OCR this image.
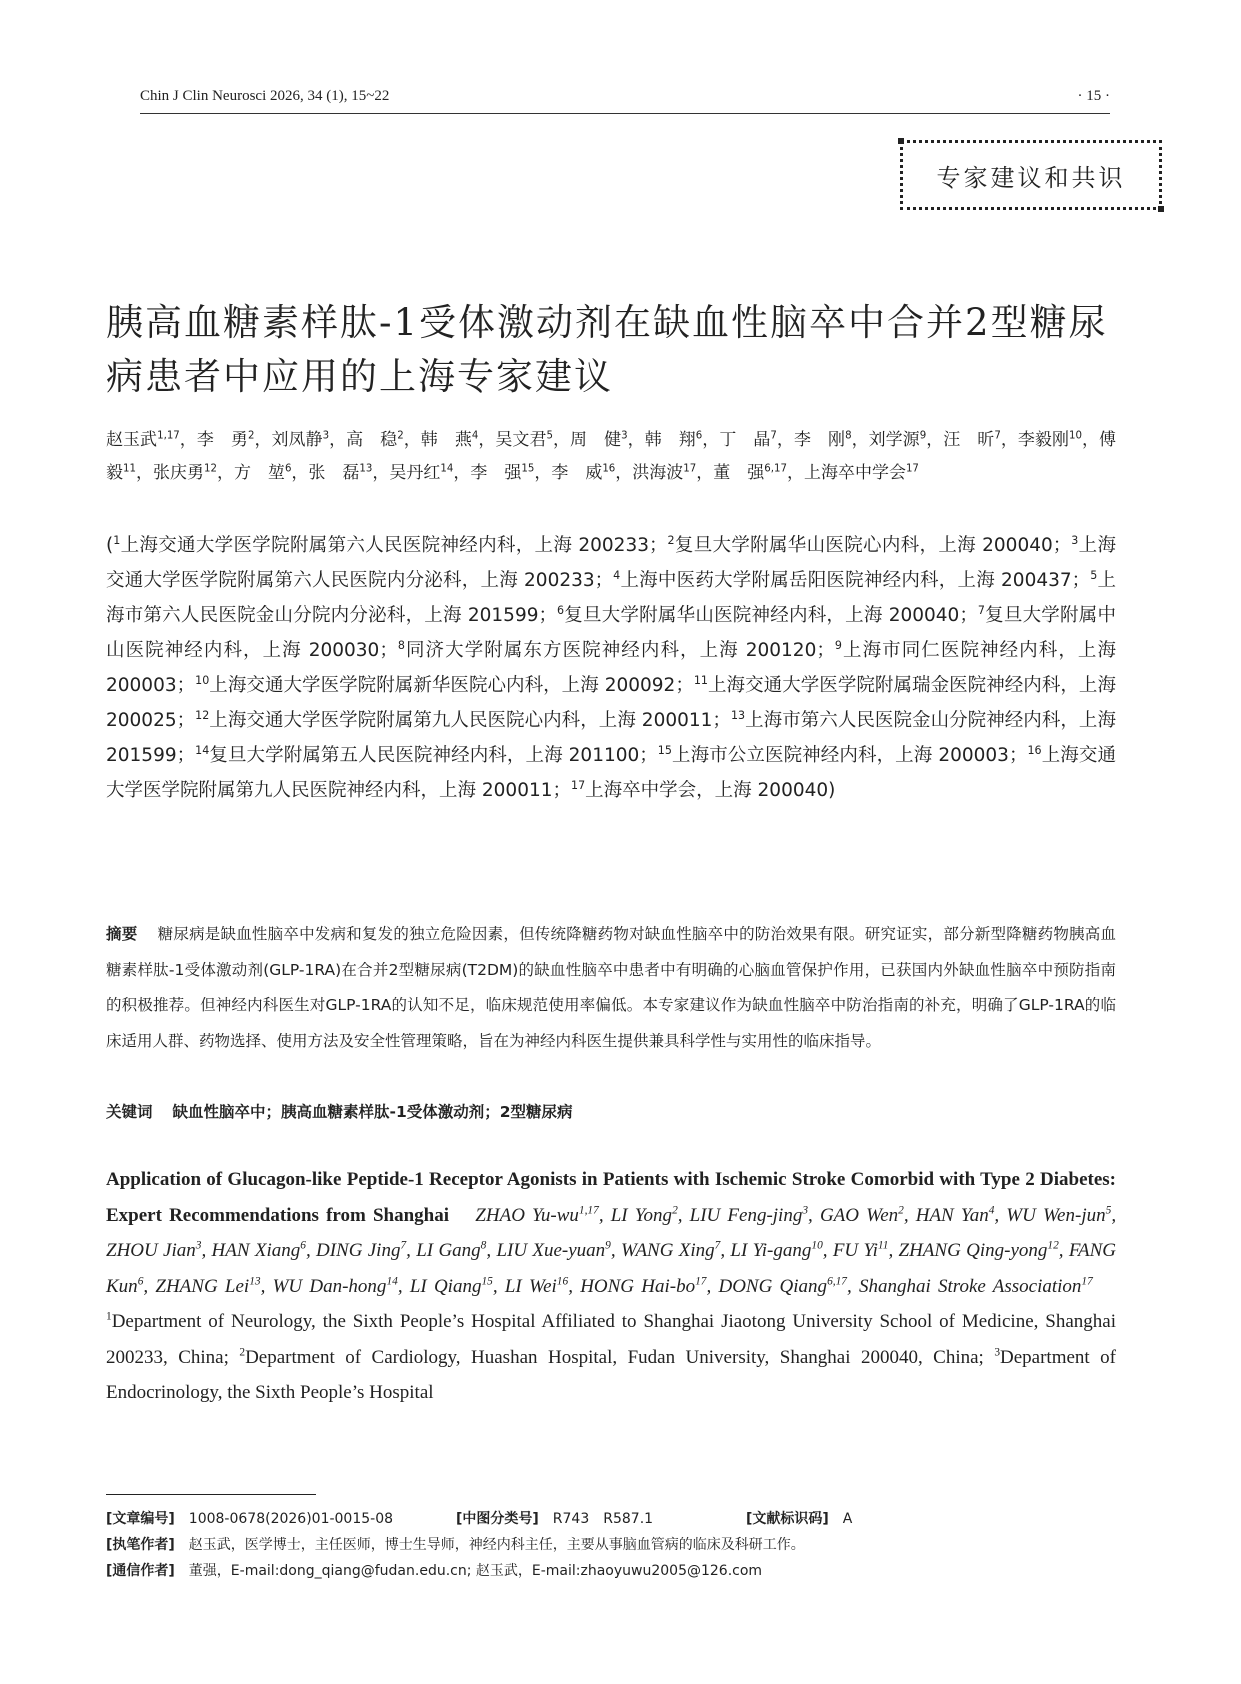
Chin J Clin Neurosci 2026, 34 (1), 15~22	· 15 ·
专家建议和共识
胰高血糖素样肽-1受体激动剂在缺血性脑卒中合并2型糖尿病患者中应用的上海专家建议
赵玉武$^{1,17}$，李　勇$^2$，刘凤静$^3$，高　稳$^2$，韩　燕$^4$，吴文君$^5$，周　健$^3$，韩　翔$^6$，丁　晶$^7$，李　刚$^8$，刘学源$^9$，汪　昕$^7$，李毅刚$^{10}$，傅　毅$^{11}$，张庆勇$^{12}$，方　堃$^6$，张　磊$^{13}$，吴丹红$^{14}$，李　强$^{15}$，李　威$^{16}$，洪海波$^{17}$，董　强$^{6,17}$，上海卒中学会$^{17}$
($^1$上海交通大学医学院附属第六人民医院神经内科，上海 200233；$^2$复旦大学附属华山医院心内科，上海 200040；$^3$上海交通大学医学院附属第六人民医院内分泌科，上海 200233；$^4$上海中医药大学附属岳阳医院神经内科，上海 200437；$^5$上海市第六人民医院金山分院内分泌科，上海 201599；$^6$复旦大学附属华山医院神经内科，上海 200040；$^7$复旦大学附属中山医院神经内科，上海 200030；$^8$同济大学附属东方医院神经内科，上海 200120；$^9$上海市同仁医院神经内科，上海 200003；$^{10}$上海交通大学医学院附属新华医院心内科，上海 200092；$^{11}$上海交通大学医学院附属瑞金医院神经内科，上海 200025；$^{12}$上海交通大学医学院附属第九人民医院心内科，上海 200011；$^{13}$上海市第六人民医院金山分院神经内科，上海 201599；$^{14}$复旦大学附属第五人民医院神经内科，上海 201100；$^{15}$上海市公立医院神经内科，上海 200003；$^{16}$上海交通大学医学院附属第九人民医院神经内科，上海 200011；$^{17}$上海卒中学会，上海 200040)
摘要 糖尿病是缺血性脑卒中发病和复发的独立危险因素，但传统降糖药物对缺血性脑卒中的防治效果有限。研究证实，部分新型降糖药物胰高血糖素样肽-1受体激动剂(GLP-1RA)在合并2型糖尿病(T2DM)的缺血性脑卒中患者中有明确的心脑血管保护作用，已获国内外缺血性脑卒中预防指南的积极推荐。但神经内科医生对GLP-1RA的认知不足，临床规范使用率偏低。本专家建议作为缺血性脑卒中防治指南的补充，明确了GLP-1RA的临床适用人群、药物选择、使用方法及安全性管理策略，旨在为神经内科医生提供兼具科学性与实用性的临床指导。
关键词 缺血性脑卒中；胰高血糖素样肽-1受体激动剂；2型糖尿病
Application of Glucagon-like Peptide-1 Receptor Agonists in Patients with Ischemic Stroke Comorbid with Type 2 Diabetes: Expert Recommendations from Shanghai ZHAO Yu-wu$^{1,17}$, LI Yong$^2$, LIU Feng-jing$^3$, GAO Wen$^2$, HAN Yan$^4$, WU Wen-jun$^5$, ZHOU Jian$^3$, HAN Xiang$^6$, DING Jing$^7$, LI Gang$^8$, LIU Xue-yuan$^9$, WANG Xing$^7$, LI Yi-gang$^{10}$, FU Yi$^{11}$, ZHANG Qing-yong$^{12}$, FANG Kun$^6$, ZHANG Lei$^{13}$, WU Dan-hong$^{14}$, LI Qiang$^{15}$, LI Wei$^{16}$, HONG Hai-$bo^{17}$, DONG Qiang$^{6,17}$, Shanghai Stroke Association$^{17}$  $^1$Department of Neurology, the Sixth People’s Hospital Affiliated to Shanghai Jiaotong University School of Medicine, Shanghai 200233, China; $^2$Department of Cardiology, Huashan Hospital, Fudan University, Shanghai 200040, China; $^3$Department of Endocrinology, the Sixth People’s Hospital
[文章编号] 1008-0678(2026)01-0015-08	[中图分类号] R743　R587.1	[文献标识码] A
[执笔作者] 赵玉武，医学博士，主任医师，博士生导师，神经内科主任，主要从事脑血管病的临床及科研工作。
[通信作者] 董强，E-mail:dong_qiang@fudan.edu.cn; 赵玉武，E-mail:zhaoyuwu2005@126.com
